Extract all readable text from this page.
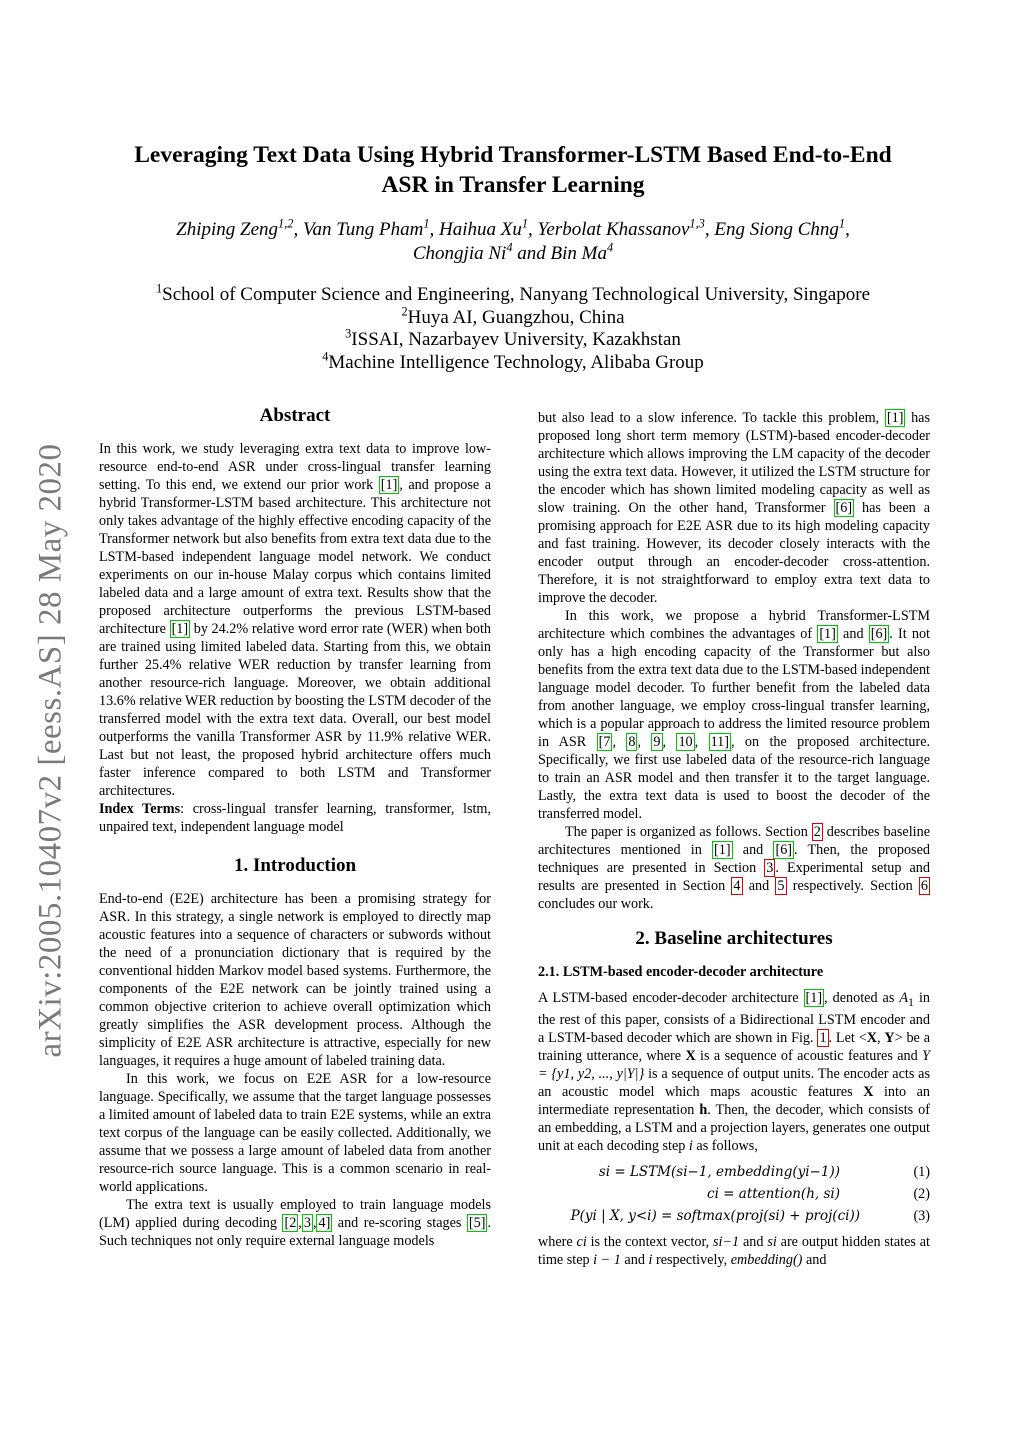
arXiv:2005.10407v2 [eess.AS] 28 May 2020
Leveraging Text Data Using Hybrid Transformer-LSTM Based End-to-End
ASR in Transfer Learning
Zhiping Zeng$^{1,2}$, Van Tung Pham$^1$, Haihua Xu$^1$, Yerbolat Khassanov$^{1,3}$, Eng Siong Chng$^1$,
Chongjia Ni$^4$ and Bin Ma$^4$
$^1$School of Computer Science and Engineering, Nanyang Technological University, Singapore
$^2$Huya AI, Guangzhou, China
$^3$ISSAI, Nazarbayev University, Kazakhstan
$^4$Machine Intelligence Technology, Alibaba Group
Abstract

In this work, we study leveraging extra text data to improve low-resource end-to-end ASR under cross-lingual transfer learning setting. To this end, we extend our prior work [1] , and propose a hybrid Transformer-LSTM based architecture. This architecture not only takes advantage of the highly effective encoding capacity of the Transformer network but also benefits from extra text data due to the LSTM-based independent language model network. We conduct experiments on our in-house Malay corpus which contains limited labeled data and a large amount of extra text. Results show that the proposed architecture outperforms the previous LSTM-based architecture [1] by 24.2% relative word error rate (WER) when both are trained using limited labeled data. Starting from this, we obtain further 25.4% relative WER reduction by transfer learning from another resource-rich language. Moreover, we obtain additional 13.6% relative WER reduction by boosting the LSTM decoder of the transferred model with the extra text data. Overall, our best model outperforms the vanilla Transformer ASR by 11.9% relative WER. Last but not least, the proposed hybrid architecture offers much faster inference compared to both LSTM and Transformer architectures.

Index Terms: cross-lingual transfer learning, transformer, lstm, unpaired text, independent language model

1. Introduction

End-to-end (E2E) architecture has been a promising strategy for ASR. In this strategy, a single network is employed to directly map acoustic features into a sequence of characters or subwords without the need of a pronunciation dictionary that is required by the conventional hidden Markov model based systems. Furthermore, the components of the E2E network can be jointly trained using a common objective criterion to achieve overall optimization which greatly simplifies the ASR development process. Although the simplicity of E2E ASR architecture is attractive, especially for new languages, it requires a huge amount of labeled training data.

In this work, we focus on E2E ASR for a low-resource language. Specifically, we assume that the target language possesses a limited amount of labeled data to train E2E systems, while an extra text corpus of the language can be easily collected. Additionally, we assume that we possess a large amount of labeled data from another resource-rich source language. This is a common scenario in real-world applications.

The extra text is usually employed to train language models (LM) applied during decoding [2 , 3 , 4] and re-scoring stages [5] . Such techniques not only require external language models

but also lead to a slow inference. To tackle this problem, [1] has proposed long short term memory (LSTM)-based encoder-decoder architecture which allows improving the LM capacity of the decoder using the extra text data. However, it utilized the LSTM structure for the encoder which has shown limited modeling capacity as well as slow training. On the other hand, Transformer [6] has been a promising approach for E2E ASR due to its high modeling capacity and fast training. However, its decoder closely interacts with the encoder output through an encoder-decoder cross-attention. Therefore, it is not straightforward to employ extra text data to improve the decoder.

In this work, we propose a hybrid Transformer-LSTM architecture which combines the advantages of [1] and [6] . It not only has a high encoding capacity of the Transformer but also benefits from the extra text data due to the LSTM-based independent language model decoder. To further benefit from the labeled data from another language, we employ cross-lingual transfer learning, which is a popular approach to address the limited resource problem in ASR [7 , 8 , 9 , 10 , 11] , on the proposed architecture. Specifically, we first use labeled data of the resource-rich language to train an ASR model and then transfer it to the target language. Lastly, the extra text data is used to boost the decoder of the transferred model.

The paper is organized as follows. Section 2 describes baseline architectures mentioned in [1] and [6] . Then, the proposed techniques are presented in Section 3 . Experimental setup and results are presented in Section 4 and 5 respectively. Section 6 concludes our work.

2. Baseline architectures
2.1. LSTM-based encoder-decoder architecture

A LSTM-based encoder-decoder architecture [1] , denoted as $A_1$ in the rest of this paper, consists of a Bidirectional LSTM encoder and a LSTM-based decoder which are shown in Fig. 1 . Let <X, Y> be a training utterance, where X is a sequence of acoustic features and Y = {y1, y2, ..., y|Y|} is a sequence of output units. The encoder acts as an acoustic model which maps acoustic features X into an intermediate representation h. Then, the decoder, which consists of an embedding, a LSTM and a projection layers, generates one output unit at each decoding step i as follows,

si = LSTM(si−1, embedding(yi−1))	(1)
ci = attention(h, si)	(2)
P(yi | X, y<i) = softmax(proj(si) + proj(ci))	(3)

where ci is the context vector, si−1 and si are output hidden states at time step i − 1 and i respectively, embedding() and
